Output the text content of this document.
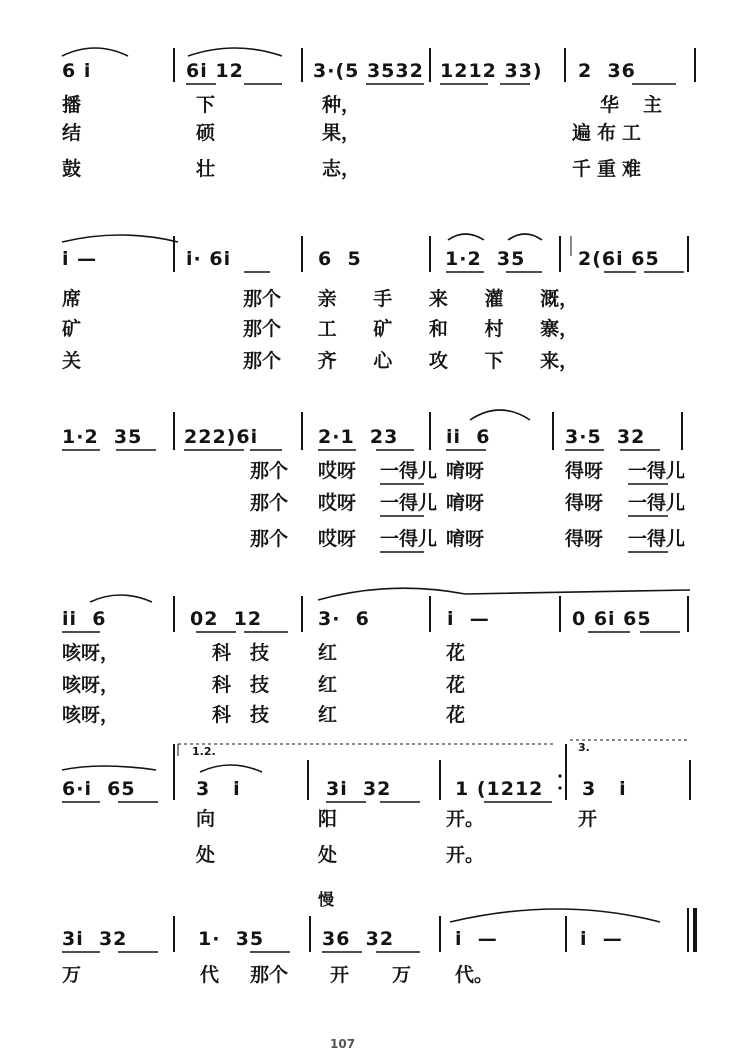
6 i	6i 12	3·(5 3532 1212 33) 2  36
播	下	种，	华主
结	硕	果，	遍布工
鼓	壮	志，	千重难
i —	i· 6i	6  5	1·2  35	2(6i 65
席	那个 亲 手 来 灌 溉，
矿	那个 工 矿 和 村 寨，
关	那个 齐 心 攻 下 来，
1·2  35 222)6i	2·1  23	ii  6	3·5  32
那个 哎呀 一得儿 唷呀	得呀 一得儿
那个 哎呀 一得儿 唷呀	得呀 一得儿
那个 哎呀 一得儿 唷呀	得呀 一得儿
ii  6	02  12	3·  6	i  —	0 6i 65
咳呀，	科 技	红	花
咳呀，	科 技	红	花
咳呀，	科 技	红	花
1.2.	3.
6·i  65	3   i	3i  32	1 (1212 3   i
向	阳	开。	开
处	处	开。
慢
3i  32	1·  35	36  32	i  —	i  —
万	代 那个 开 万 代。
107
